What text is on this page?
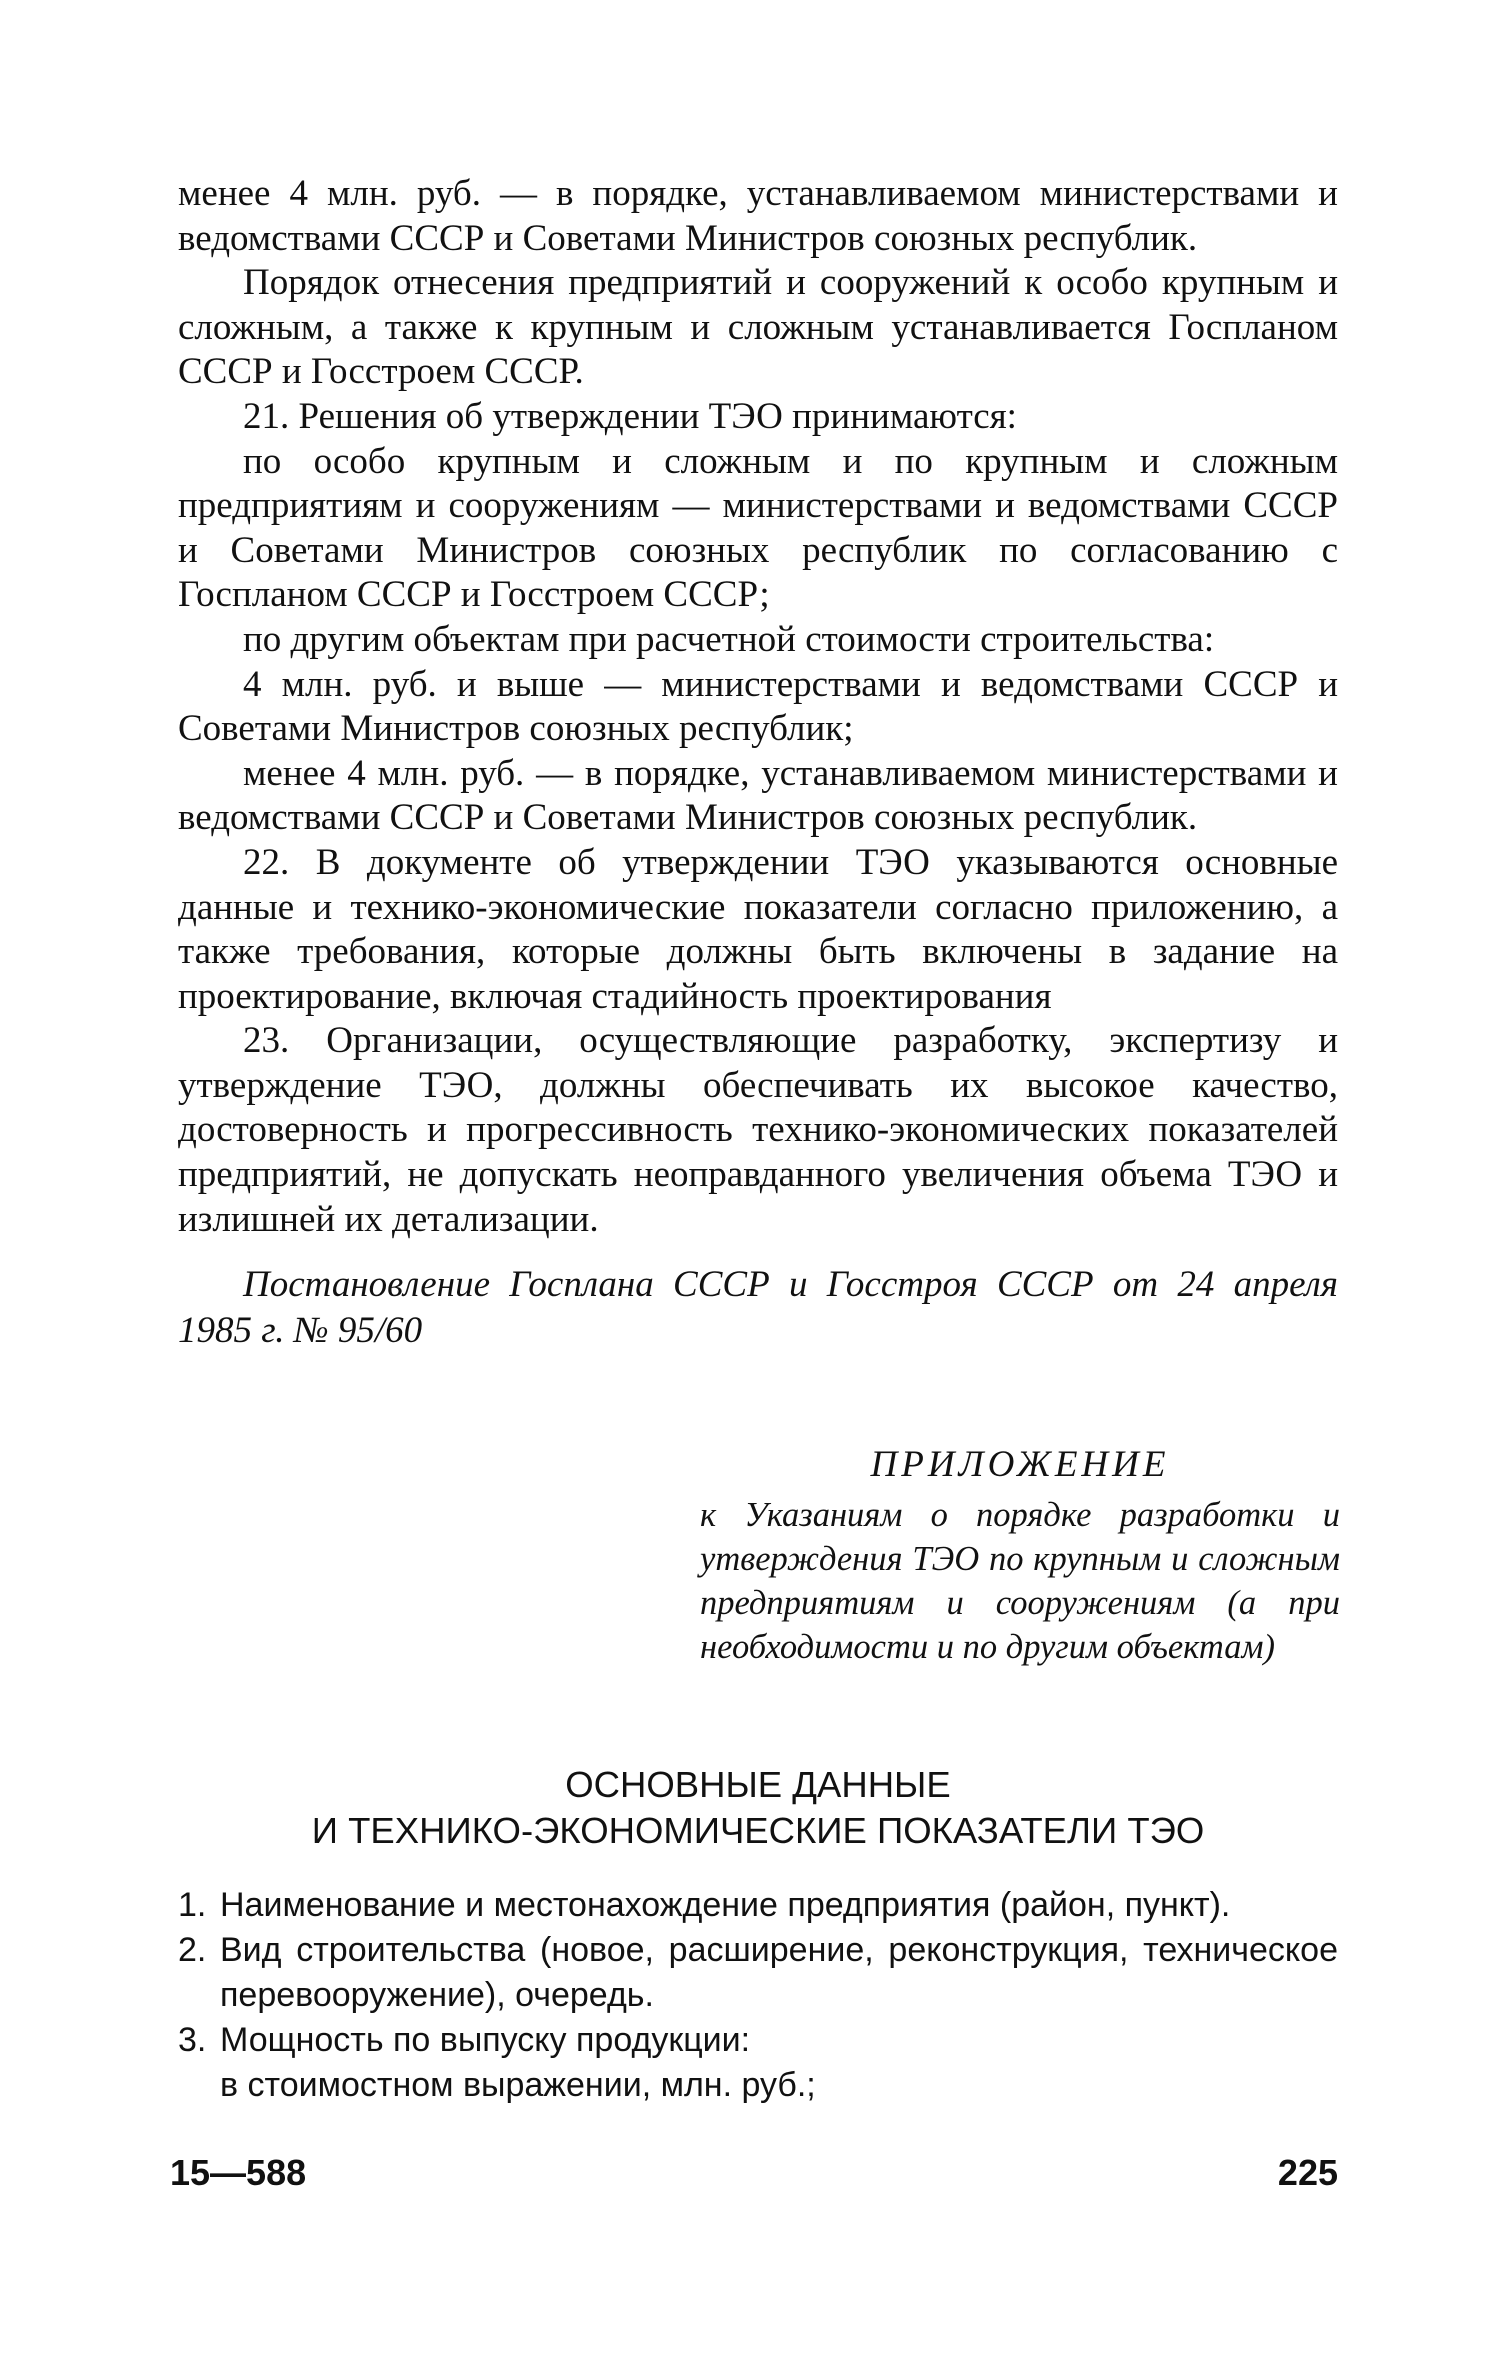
менее 4 млн. руб. — в порядке, устанавливаемом министерствами и ведомствами СССР и Советами Министров союзных республик.

Порядок отнесения предприятий и сооружений к особо крупным и сложным, а также к крупным и сложным устанавливается Госпланом СССР и Госстроем СССР.

21. Решения об утверждении ТЭО принимаются:

по особо крупным и сложным и по крупным и сложным предприятиям и сооружениям — министерствами и ведомствами СССР и Советами Министров союзных республик по согласованию с Госпланом СССР и Госстроем СССР;

по другим объектам при расчетной стоимости строительства:

4 млн. руб. и выше — министерствами и ведомствами СССР и Советами Министров союзных республик;

менее 4 млн. руб. — в порядке, устанавливаемом министерствами и ведомствами СССР и Советами Министров союзных республик.

22. В документе об утверждении ТЭО указываются основные данные и технико-экономические показатели согласно приложению, а также требования, которые должны быть включены в задание на проектирование, включая стадийность проектирования

23. Организации, осуществляющие разработку, экспертизу и утверждение ТЭО, должны обеспечивать их высокое качество, достоверность и прогрессивность технико-экономических показателей предприятий, не допускать неоправданного увеличения объема ТЭО и излишней их детализации.

Постановление Госплана СССР и Госстроя СССР от 24 апреля 1985 г. № 95/60

ПРИЛОЖЕНИЕ

к Указаниям о порядке разработки и утверждения ТЭО по крупным и сложным предприятиям и сооружениям (а при необходимости и по другим объектам)

ОСНОВНЫЕ ДАННЫЕ
И ТЕХНИКО-ЭКОНОМИЧЕСКИЕ ПОКАЗАТЕЛИ ТЭО
1. Наименование и местонахождение предприятия (район, пункт).
2. Вид строительства (новое, расширение, реконструкция, техническое перевооружение), очередь.
3. Мощность по выпуску продукции:
в стоимостном выражении, млн. руб.;
15—588	225
